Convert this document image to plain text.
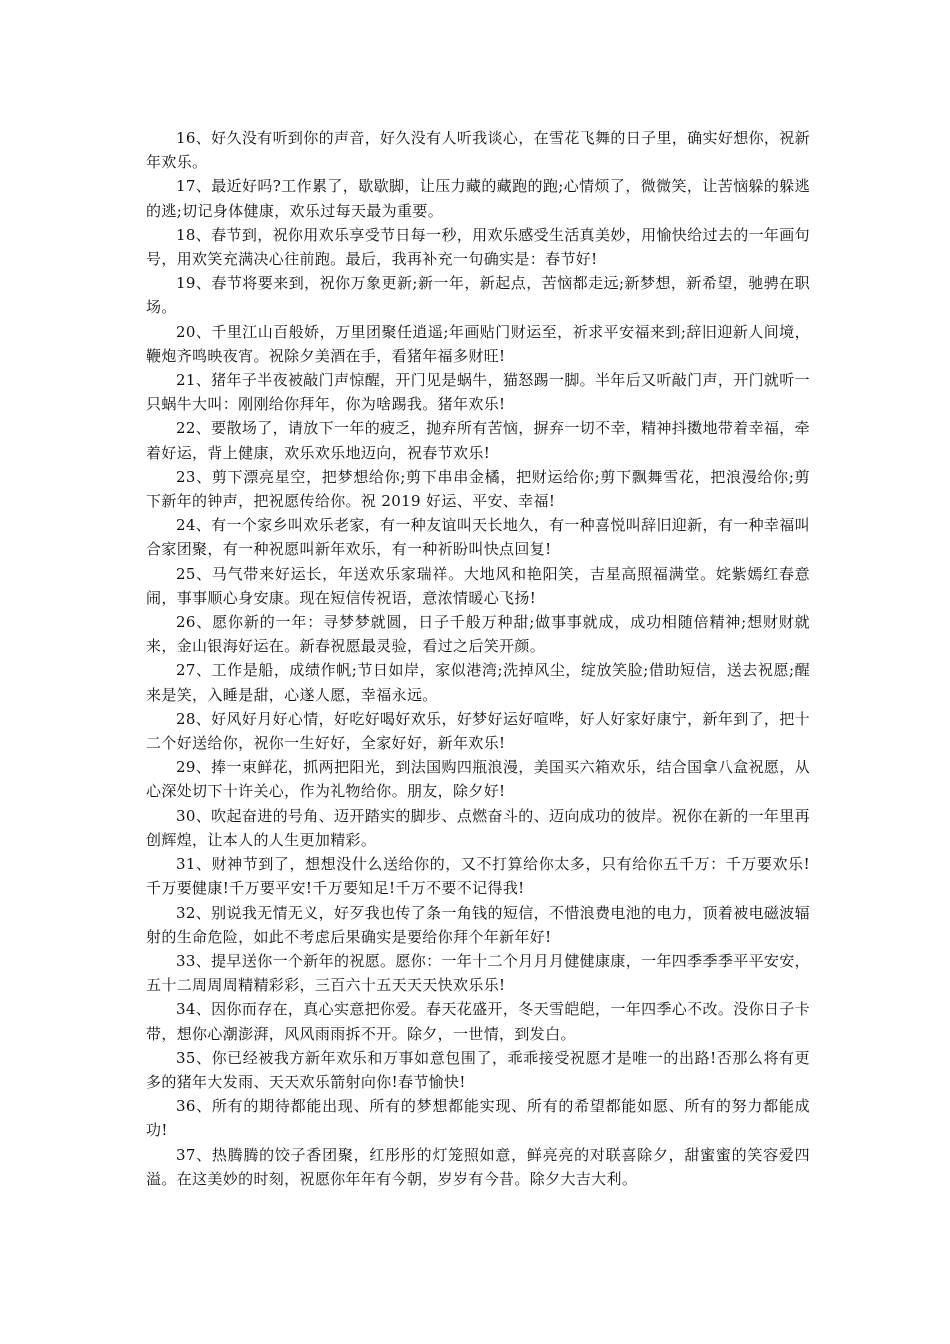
16、好久没有听到你的声音，好久没有人听我谈心，在雪花飞舞的日子里，确实好想你，祝新年欢乐。

17、最近好吗?工作累了，歇歇脚，让压力藏的藏跑的跑;心情烦了，微微笑，让苦恼躲的躲逃的逃;切记身体健康，欢乐过每天最为重要。

18、春节到，祝你用欢乐享受节日每一秒，用欢乐感受生活真美妙，用愉快给过去的一年画句号，用欢笑充满决心往前跑。最后，我再补充一句确实是：春节好!

19、春节将要来到，祝你万象更新;新一年，新起点，苦恼都走远;新梦想，新希望，驰骋在职场。

20、千里江山百般娇，万里团聚任逍遥;年画贴门财运至，祈求平安福来到;辞旧迎新人间境，鞭炮齐鸣映夜宵。祝除夕美酒在手，看猪年福多财旺!

21、猪年子半夜被敲门声惊醒，开门见是蜗牛，猫怒踢一脚。半年后又听敲门声，开门就听一只蜗牛大叫：刚刚给你拜年，你为啥踢我。猪年欢乐!

22、要散场了，请放下一年的疲乏，抛弃所有苦恼，摒弃一切不幸，精神抖擞地带着幸福，牵着好运，背上健康，欢乐欢乐地迈向，祝春节欢乐!

23、剪下漂亮星空，把梦想给你;剪下串串金橘，把财运给你;剪下飘舞雪花，把浪漫给你;剪下新年的钟声，把祝愿传给你。祝 2019 好运、平安、幸福!

24、有一个家乡叫欢乐老家，有一种友谊叫天长地久，有一种喜悦叫辞旧迎新，有一种幸福叫合家团聚，有一种祝愿叫新年欢乐，有一种祈盼叫快点回复!

25、马气带来好运长，年送欢乐家瑞祥。大地风和艳阳笑，吉星高照福满堂。姹紫嫣红春意闹，事事顺心身安康。现在短信传祝语，意浓情暖心飞扬!

26、愿你新的一年：寻梦梦就圆，日子千般万种甜;做事事就成，成功相随倍精神;想财财就来，金山银海好运在。新春祝愿最灵验，看过之后笑开颜。

27、工作是船，成绩作帆;节日如岸，家似港湾;洗掉风尘，绽放笑脸;借助短信，送去祝愿;醒来是笑，入睡是甜，心遂人愿，幸福永远。

28、好风好月好心情，好吃好喝好欢乐，好梦好运好喧哗，好人好家好康宁，新年到了，把十二个好送给你，祝你一生好好，全家好好，新年欢乐!

29、捧一束鲜花，抓两把阳光，到法国购四瓶浪漫，美国买六箱欢乐，结合国拿八盒祝愿，从心深处切下十许关心，作为礼物给你。朋友，除夕好!

30、吹起奋进的号角、迈开踏实的脚步、点燃奋斗的、迈向成功的彼岸。祝你在新的一年里再创辉煌，让本人的人生更加精彩。

31、财神节到了，想想没什么送给你的，又不打算给你太多，只有给你五千万：千万要欢乐!千万要健康!千万要平安!千万要知足!千万不要不记得我!

32、别说我无情无义，好歹我也传了条一角钱的短信，不惜浪费电池的电力，顶着被电磁波辐射的生命危险，如此不考虑后果确实是要给你拜个年新年好!

33、提早送你一个新年的祝愿。愿你：一年十二个月月月健健康康，一年四季季季平平安安，五十二周周周精精彩彩，三百六十五天天天快欢乐乐!

34、因你而存在，真心实意把你爱。春天花盛开，冬天雪皑皑，一年四季心不改。没你日子卡带，想你心潮澎湃，风风雨雨拆不开。除夕，一世情，到发白。

35、你已经被我方新年欢乐和万事如意包围了，乖乖接受祝愿才是唯一的出路!否那么将有更多的猪年大发雨、天天欢乐箭射向你!春节愉快!

36、所有的期待都能出现、所有的梦想都能实现、所有的希望都能如愿、所有的努力都能成功!

37、热腾腾的饺子香团聚，红彤彤的灯笼照如意，鲜亮亮的对联喜除夕，甜蜜蜜的笑容爱四溢。在这美妙的时刻，祝愿你年年有今朝，岁岁有今昔。除夕大吉大利。
